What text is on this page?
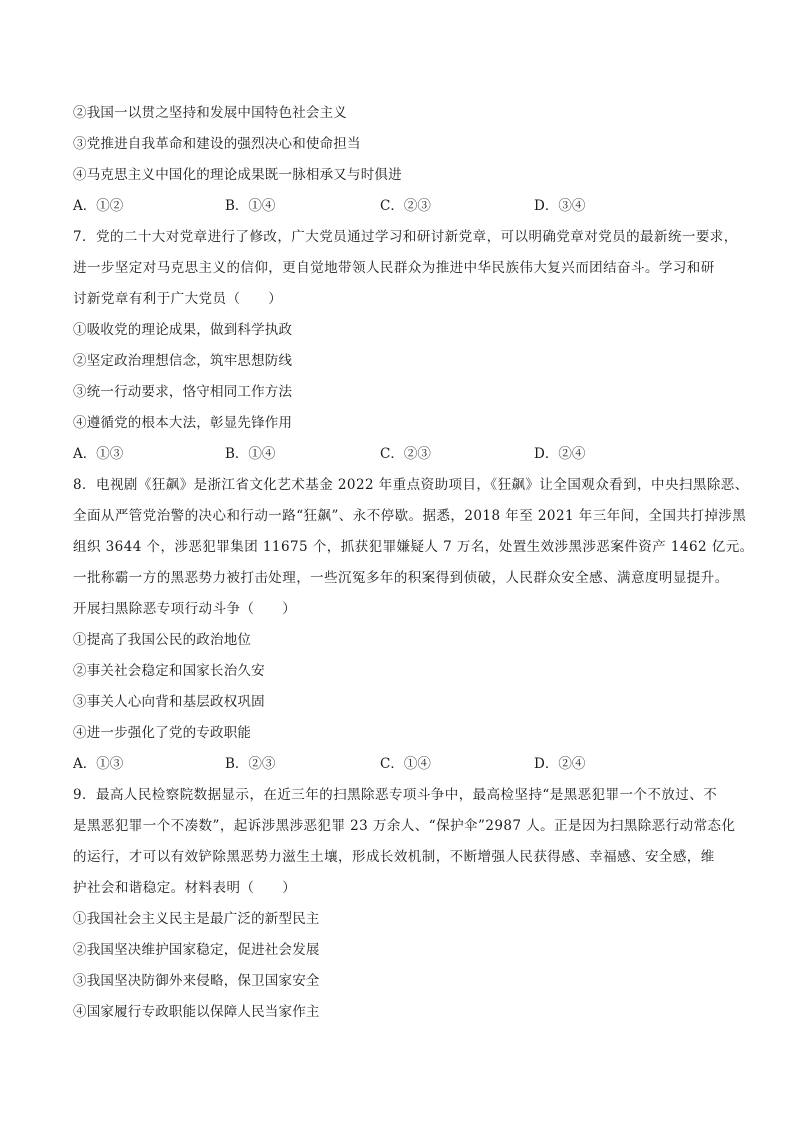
②我国一以贯之坚持和发展中国特色社会主义
③党推进自我革命和建设的强烈决心和使命担当
④马克思主义中国化的理论成果既一脉相承又与时俱进
A．①②	B．①④	C．②③	D．③④
7．党的二十大对党章进行了修改，广大党员通过学习和研讨新党章，可以明确党章对党员的最新统一要求，
进一步坚定对马克思主义的信仰，更自觉地带领人民群众为推进中华民族伟大复兴而团结奋斗。学习和研
讨新党章有利于广大党员（　　）
①吸收党的理论成果，做到科学执政
②坚定政治理想信念，筑牢思想防线
③统一行动要求，恪守相同工作方法
④遵循党的根本大法，彰显先锋作用
A．①③	B．①④	C．②③	D．②④
8．电视剧《狂飙》是浙江省文化艺术基金 2022 年重点资助项目，《狂飙》让全国观众看到，中央扫黑除恶、
全面从严管党治警的决心和行动一路“狂飙”、永不停歇。据悉，2018 年至 2021 年三年间，全国共打掉涉黑
组织 3644 个，涉恶犯罪集团 11675 个，抓获犯罪嫌疑人 7 万名，处置生效涉黑涉恶案件资产 1462 亿元。
一批称霸一方的黑恶势力被打击处理，一些沉冤多年的积案得到侦破，人民群众安全感、满意度明显提升。
开展扫黑除恶专项行动斗争（　　）
①提高了我国公民的政治地位
②事关社会稳定和国家长治久安
③事关人心向背和基层政权巩固
④进一步强化了党的专政职能
A．①③	B．②③	C．①④	D．②④
9．最高人民检察院数据显示，在近三年的扫黑除恶专项斗争中，最高检坚持“是黑恶犯罪一个不放过、不
是黑恶犯罪一个不凑数”，起诉涉黑涉恶犯罪 23 万余人、“保护伞”2987 人。正是因为扫黑除恶行动常态化
的运行，才可以有效铲除黑恶势力滋生土壤，形成长效机制，不断增强人民获得感、幸福感、安全感，维
护社会和谐稳定。材料表明（　　）
①我国社会主义民主是最广泛的新型民主
②我国坚决维护国家稳定，促进社会发展
③我国坚决防御外来侵略，保卫国家安全
④国家履行专政职能以保障人民当家作主
